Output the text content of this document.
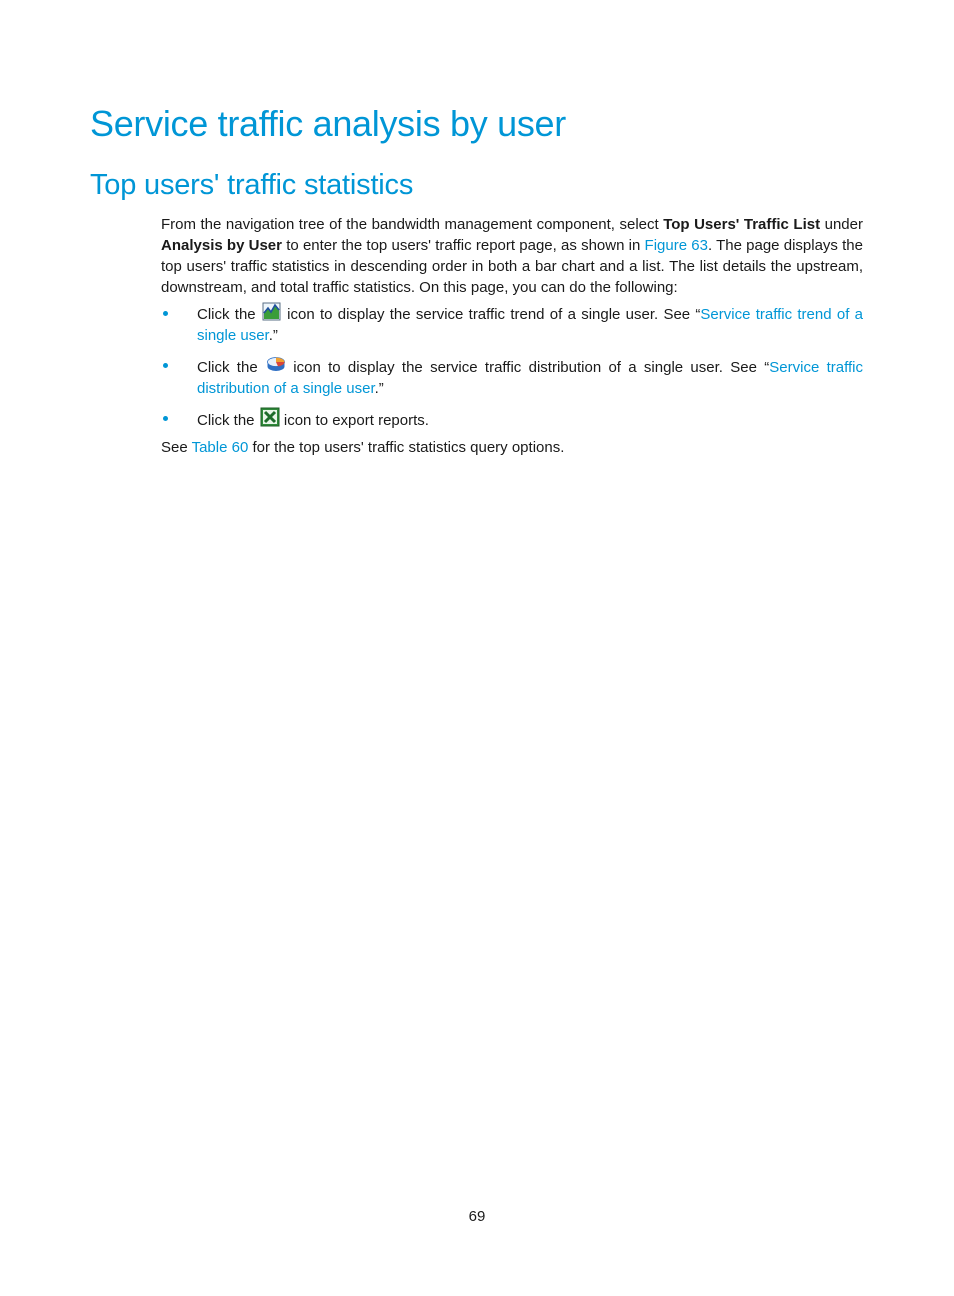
Service traffic analysis by user
Top users' traffic statistics

From the navigation tree of the bandwidth management component, select Top Users' Traffic List under Analysis by User to enter the top users' traffic report page, as shown in Figure 63. The page displays the top users' traffic statistics in descending order in both a bar chart and a list. The list details the upstream, downstream, and total traffic statistics. On this page, you can do the following:

Click the  icon to display the service traffic trend of a single user. See “Service traffic trend of a single user.”
Click the  icon to display the service traffic distribution of a single user. See “Service traffic distribution of a single user.”
Click the  icon to export reports.

See Table 60 for the top users' traffic statistics query options.

69
